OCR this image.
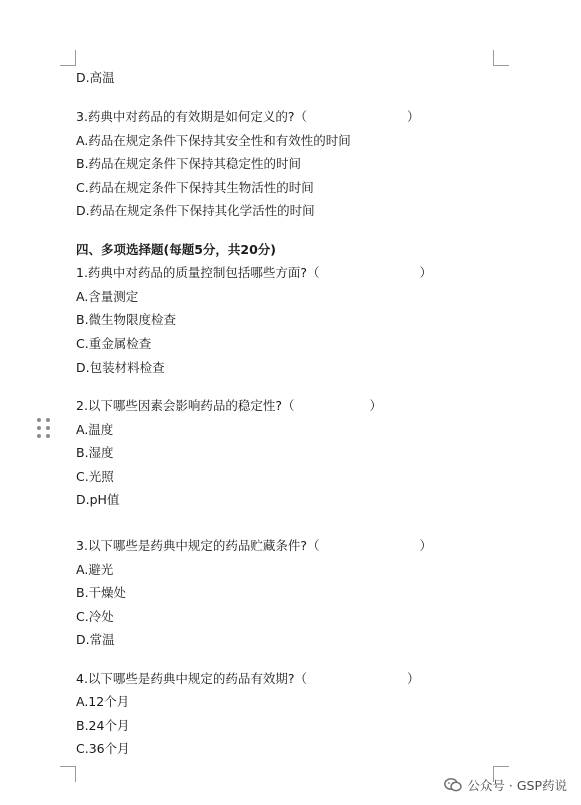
D.高温
3.药典中对药品的有效期是如何定义的?（　　　　　　　　）
A.药品在规定条件下保持其安全性和有效性的时间
B.药品在规定条件下保持其稳定性的时间
C.药品在规定条件下保持其生物活性的时间
D.药品在规定条件下保持其化学活性的时间
四、多项选择题(每题5分，共20分)
1.药典中对药品的质量控制包括哪些方面?（　　　　　　　　）
A.含量测定
B.微生物限度检查
C.重金属检查
D.包装材料检查
2.以下哪些因素会影响药品的稳定性?（　　　　　　）
A.温度
B.湿度
C.光照
D.pH值
3.以下哪些是药典中规定的药品贮藏条件?（　　　　　　　　）
A.避光
B.干燥处
C.冷处
D.常温
4.以下哪些是药典中规定的药品有效期?（　　　　　　　　）
A.12个月
B.24个月
C.36个月
公众号 · GSP药说
